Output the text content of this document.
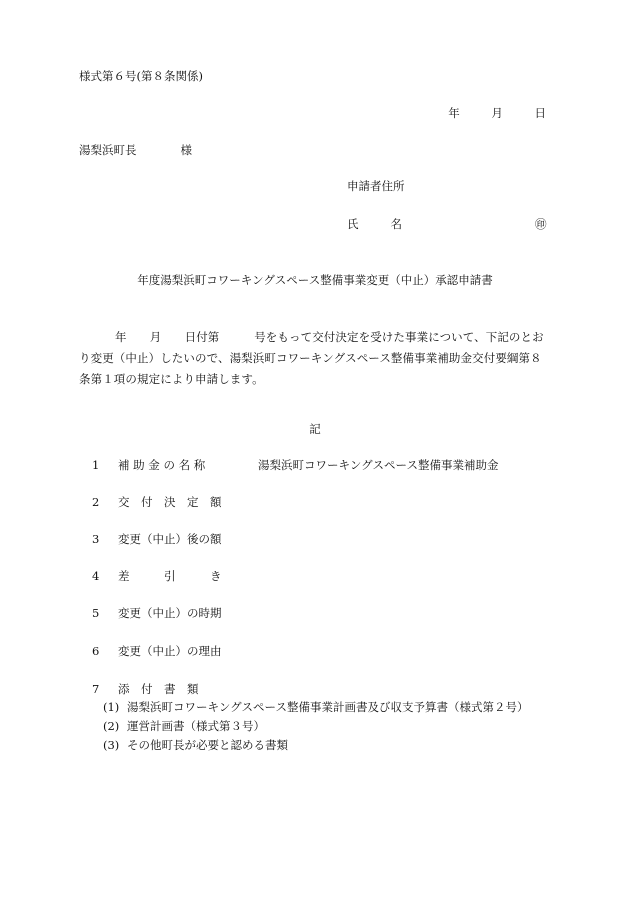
様式第６号(第８条関係)
年	月	日
湯梨浜町長	様
申請者住所
氏	名	㊞
年度湯梨浜町コワーキングスペース整備事業変更（中止）承認申請書
年　　月　　日付第　　　号をもって交付決定を受けた事業について、下記のとおり変更（中止）したいので、湯梨浜町コワーキングスペース整備事業補助金交付要綱第８条第１項の規定により申請します。
記
1 補 助 金 の 名 称	湯梨浜町コワーキングスペース整備事業補助金
2 交　付　決　定　額
3 変更（中止）後の額
4 差　　　引　　　き
5 変更（中止）の時期
6 変更（中止）の理由
7 添　付　書　類
(1) 湯梨浜町コワーキングスペース整備事業計画書及び収支予算書（様式第２号）
(2) 運営計画書（様式第３号）
(3) その他町長が必要と認める書類
